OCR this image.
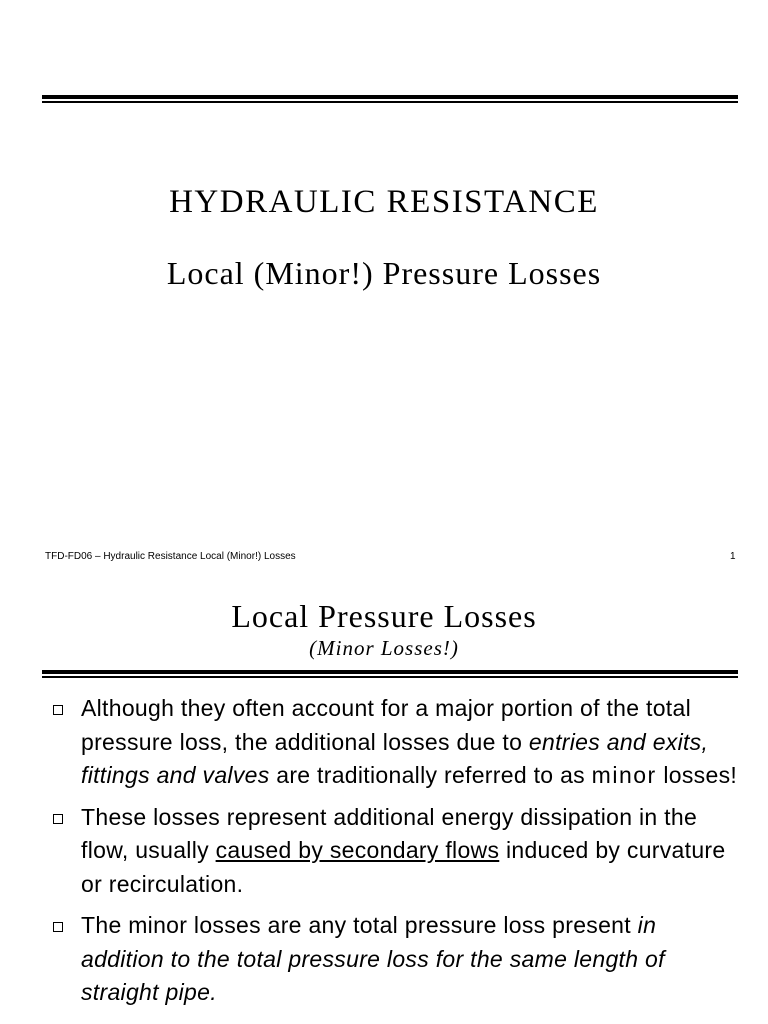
HYDRAULIC RESISTANCE
Local (Minor!) Pressure Losses
TFD-FD06 – Hydraulic Resistance Local (Minor!) Losses	1
Local Pressure Losses
(Minor Losses!)
Although they often account for a major portion of the total pressure loss, the additional losses due to entries and exits, fittings and valves are traditionally referred to as minor losses!
These losses represent additional energy dissipation in the flow, usually caused by secondary flows induced by curvature or recirculation.
The minor losses are any total pressure loss present in addition to the total pressure loss for the same length of straight pipe.
